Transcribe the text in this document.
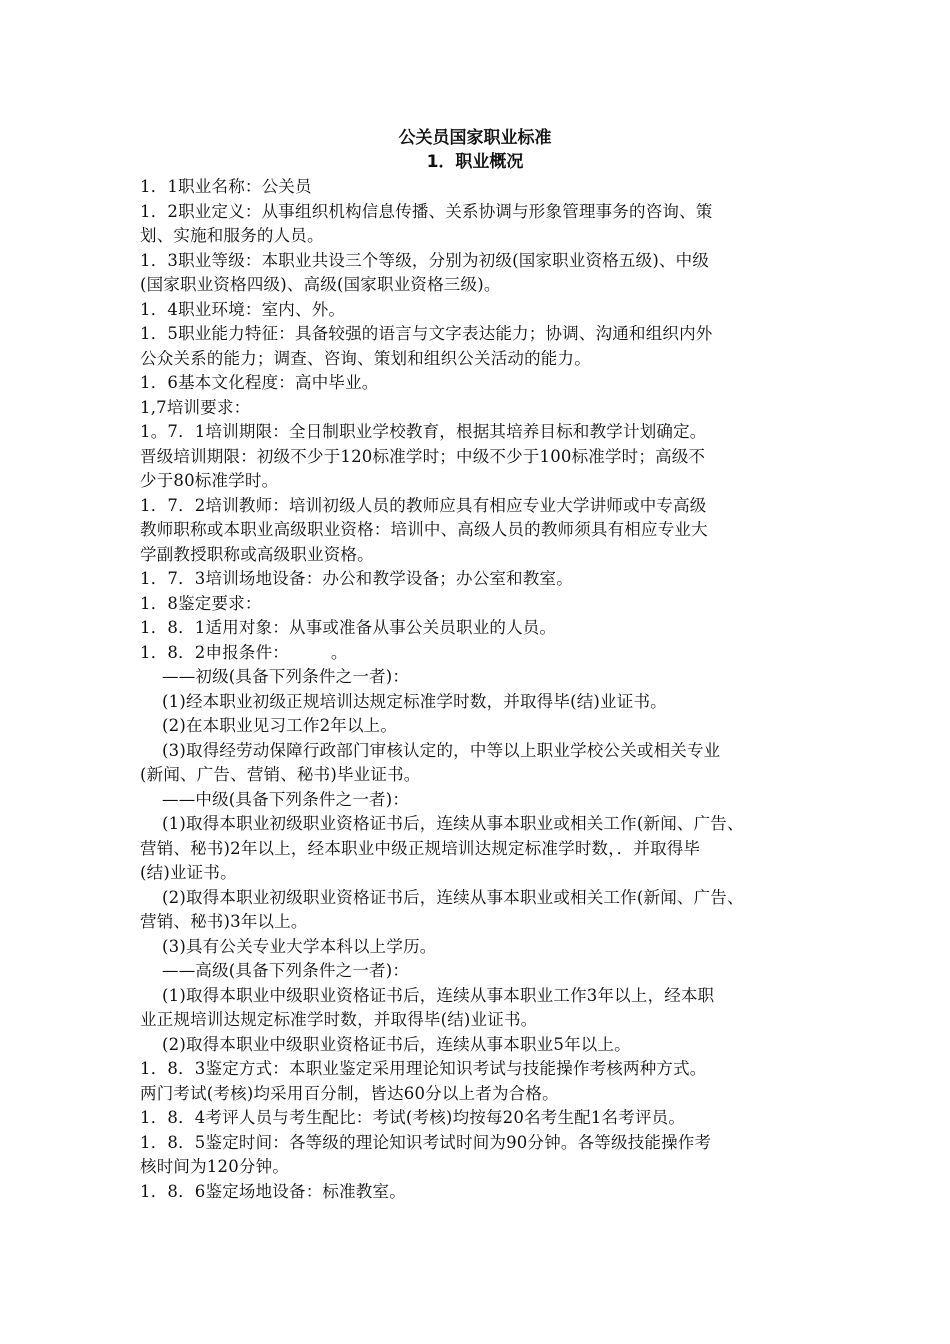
公关员国家职业标准
1．职业概况
1．1职业名称：公关员
1．2职业定义：从事组织机构信息传播、关系协调与形象管理事务的咨询、策
划、实施和服务的人员。
1．3职业等级：本职业共设三个等级，分别为初级(国家职业资格五级)、中级
(国家职业资格四级)、高级(国家职业资格三级)。
1．4职业环境：室内、外。
1．5职业能力特征：具备较强的语言与文字表达能力；协调、沟通和组织内外
公众关系的能力；调查、咨询、策划和组织公关活动的能力。
1．6基本文化程度：高中毕业。
1,7培训要求：
1。7．1培训期限：全日制职业学校教育，根据其培养目标和教学计划确定。
晋级培训期限：初级不少于120标准学时；中级不少于100标准学时；高级不
少于80标准学时。
1．7．2培训教师：培训初级人员的教师应具有相应专业大学讲师或中专高级
教师职称或本职业高级职业资格：培训中、高级人员的教师须具有相应专业大
学副教授职称或高级职业资格。
1．7．3培训场地设备：办公和教学设备；办公室和教室。
1．8鉴定要求：
1．8．1适用对象：从事或准备从事公关员职业的人员。
1．8．2申报条件：　　　。
——初级(具备下列条件之一者)：
(1)经本职业初级正规培训达规定标准学时数，并取得毕(结)业证书。
(2)在本职业见习工作2年以上。
(3)取得经劳动保障行政部门审核认定的，中等以上职业学校公关或相关专业
(新闻、广告、营销、秘书)毕业证书。
——中级(具备下列条件之一者)：
(1)取得本职业初级职业资格证书后，连续从事本职业或相关工作(新闻、广告、
营销、秘书)2年以上，经本职业中级正规培训达规定标准学时数，．并取得毕
(结)业证书。
(2)取得本职业初级职业资格证书后，连续从事本职业或相关工作(新闻、广告、
营销、秘书)3年以上。
(3)具有公关专业大学本科以上学历。
——高级(具备下列条件之一者)：
(1)取得本职业中级职业资格证书后，连续从事本职业工作3年以上，经本职
业正规培训达规定标准学时数，并取得毕(结)业证书。
(2)取得本职业中级职业资格证书后，连续从事本职业5年以上。
1．8．3鉴定方式：本职业鉴定采用理论知识考试与技能操作考核两种方式。
两门考试(考核)均采用百分制，皆达60分以上者为合格。
1．8．4考评人员与考生配比：考试(考核)均按每20名考生配1名考评员。
1．8．5鉴定时间：各等级的理论知识考试时间为90分钟。各等级技能操作考
核时间为120分钟。
1．8．6鉴定场地设备：标准教室。
